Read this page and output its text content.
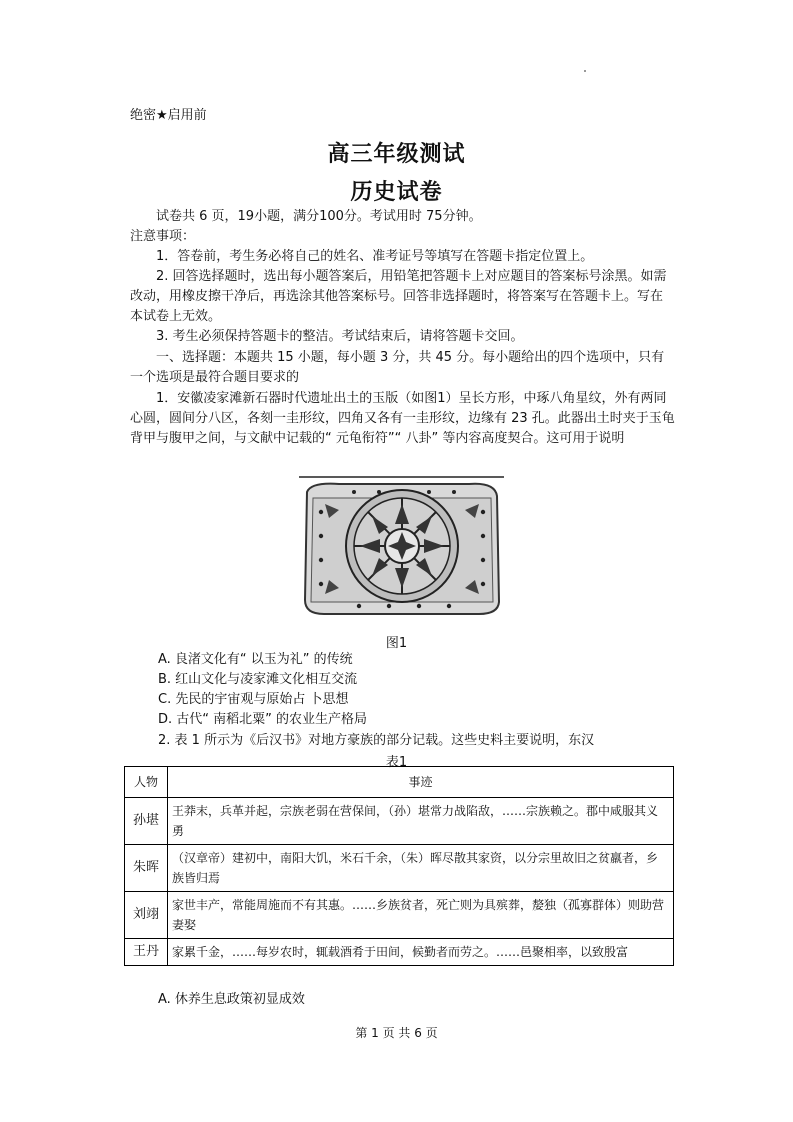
绝密★启用前
高三年级测试
历史试卷
试卷共 6 页，19小题，满分100分。考试用时 75分钟。
注意事项：
1．答卷前，考生务必将自己的姓名、准考证号等填写在答题卡指定位置上。
2. 回答选择题时，选出每小题答案后，用铅笔把答题卡上对应题目的答案标号涂黑。如需改动，用橡皮擦干净后，再选涂其他答案标号。回答非选择题时，将答案写在答题卡上。写在本试卷上无效。
3. 考生必须保持答题卡的整洁。考试结束后，请将答题卡交回。
一、选择题：本题共 15 小题，每小题 3 分，共 45 分。每小题给出的四个选项中，只有一个选项是最符合题目要求的
1．安徽凌家滩新石器时代遗址出土的玉版（如图1）呈长方形，中琢八角星纹，外有两同心圆，圆间分八区，各刻一圭形纹，四角又各有一圭形纹，边缘有 23 孔。此器出土时夹于玉龟背甲与腹甲之间，与文献中记载的“ 元龟衔符”“ 八卦” 等内容高度契合。这可用于说明
图1
A. 良渚文化有“ 以玉为礼” 的传统
B. 红山文化与凌家滩文化相互交流
C. 先民的宇宙观与原始占 卜思想
D. 古代“ 南稻北粟” 的农业生产格局
2. 表 1 所示为《后汉书》对地方豪族的部分记载。这些史料主要说明，东汉
表1
人物	事迹
孙堪	王莽末，兵革并起，宗族老弱在营保间，（孙）堪常力战陷敌，……宗族赖之。郡中咸服其义勇
朱晖	（汉章帝）建初中，南阳大饥，米石千余，（朱）晖尽散其家资，以分宗里故旧之贫羸者，乡族皆归焉
刘翊	家世丰产，常能周施而不有其惠。……乡族贫者，死亡则为具殡葬，嫠独（孤寡群体）则助营妻娶
王丹	家累千金，……每岁农时，辄载酒肴于田间，候勤者而劳之。……邑聚相率，以致殷富
A. 休养生息政策初显成效
第 1 页 共 6 页
